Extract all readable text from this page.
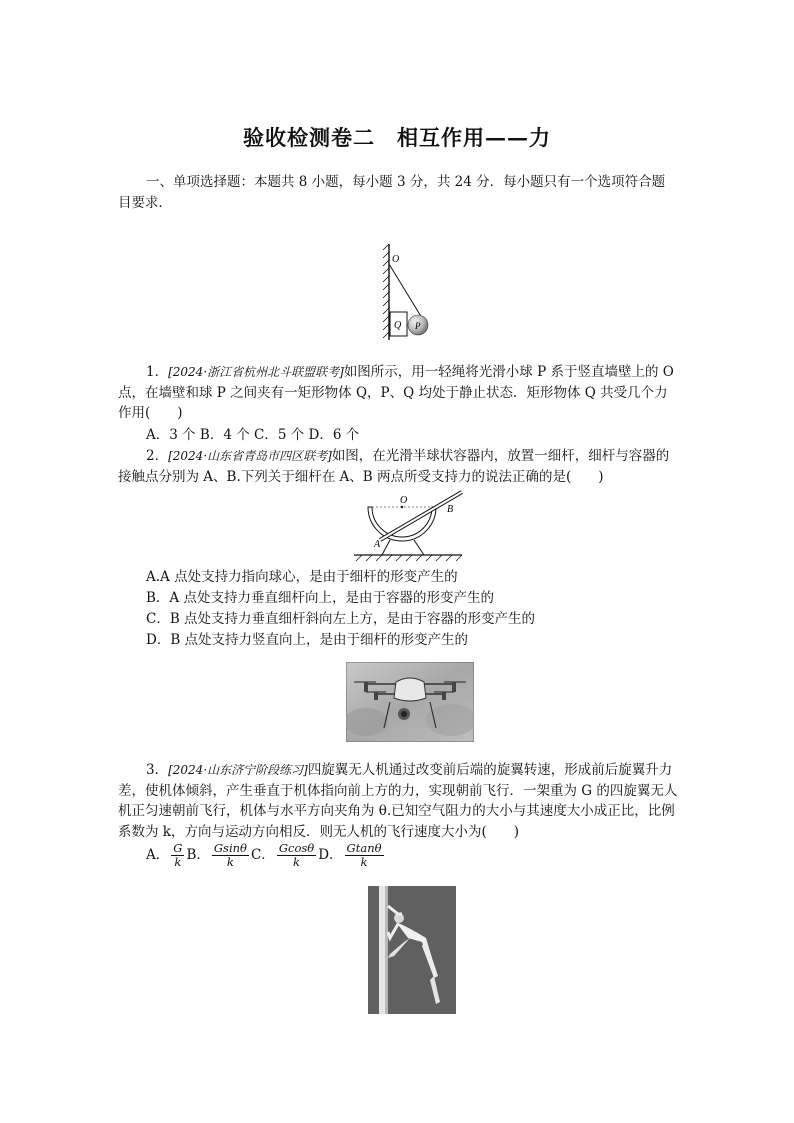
验收检测卷二　相互作用——力
一、单项选择题：本题共 8 小题，每小题 3 分，共 24 分．每小题只有一个选项符合题目要求．
O
Q P
1．[2024·浙江省杭州北斗联盟联考]如图所示，用一轻绳将光滑小球 P 系于竖直墙壁上的 O 点，在墙壁和球 P 之间夹有一矩形物体 Q，P、Q 均处于静止状态．矩形物体 Q 共受几个力作用(　　)
A．3 个 B．4 个 C．5 个 D．6 个
2．[2024·山东省青岛市四区联考]如图，在光滑半球状容器内，放置一细杆，细杆与容器的接触点分别为 A、B.下列关于细杆在 A、B 两点所受支持力的说法正确的是(　　)
O
A
B
A.A 点处支持力指向球心，是由于细杆的形变产生的
B．A 点处支持力垂直细杆向上，是由于容器的形变产生的
C．B 点处支持力垂直细杆斜向左上方，是由于容器的形变产生的
D．B 点处支持力竖直向上，是由于细杆的形变产生的
3．[2024·山东济宁阶段练习]四旋翼无人机通过改变前后端的旋翼转速，形成前后旋翼升力差，使机体倾斜，产生垂直于机体指向前上方的力，实现朝前飞行．一架重为 G 的四旋翼无人机正匀速朝前飞行，机体与水平方向夹角为 θ.已知空气阻力的大小与其速度大小成正比，比例系数为 k，方向与运动方向相反．则无人机的飞行速度大小为(　　)
A． $\frac{G}{k}$ B． $\frac{Gsin\theta}{k}$ C． $\frac{Gcos\theta}{k}$ D． $\frac{Gtan\theta}{k}$
